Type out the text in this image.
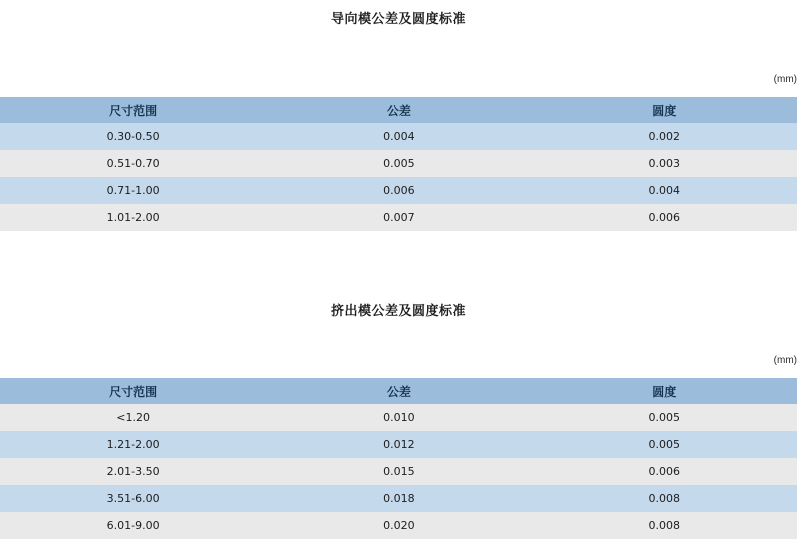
导向模公差及圆度标准
(mm)
尺寸范围	公差	圆度
0.30-0.50	0.004	0.002
0.51-0.70	0.005	0.003
0.71-1.00	0.006	0.004
1.01-2.00	0.007	0.006
挤出模公差及圆度标准
(mm)
尺寸范围	公差	圆度
<1.20	0.010	0.005
1.21-2.00	0.012	0.005
2.01-3.50	0.015	0.006
3.51-6.00	0.018	0.008
6.01-9.00	0.020	0.008
